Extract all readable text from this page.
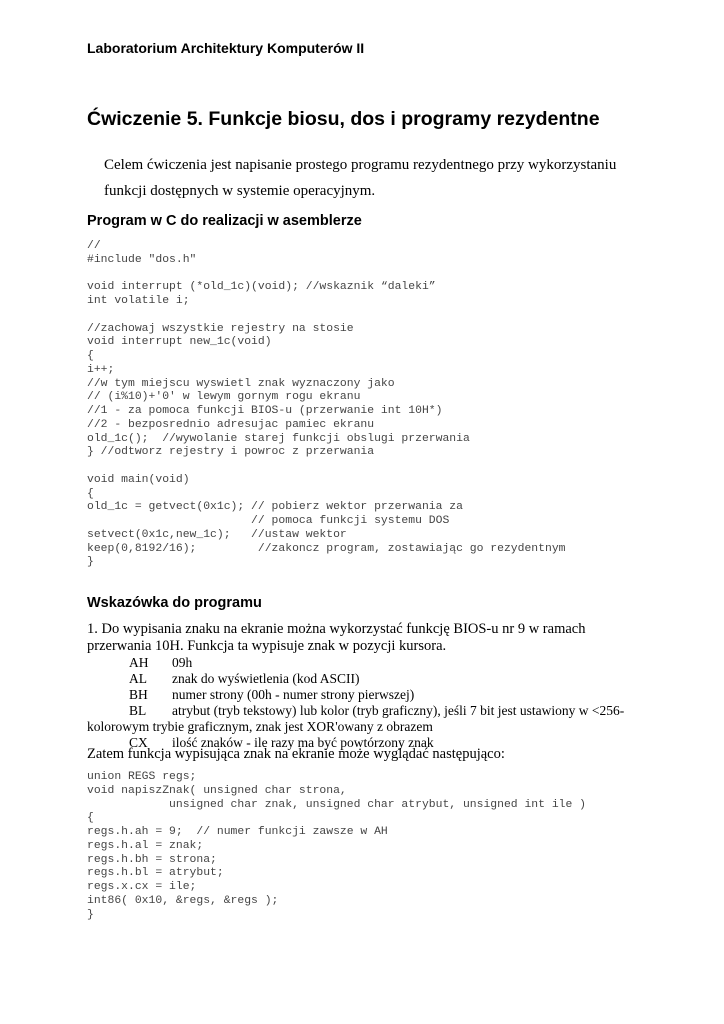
Laboratorium Architektury Komputerów II
Ćwiczenie 5. Funkcje biosu, dos i programy rezydentne
Celem ćwiczenia jest napisanie prostego programu rezydentnego przy wykorzystaniu
funkcji dostępnych w systemie operacyjnym.
Program w C do realizacji w asemblerze
//
#include "dos.h"

void interrupt (*old_1c)(void); //wskaznik “daleki”
int volatile i;

//zachowaj wszystkie rejestry na stosie
void interrupt new_1c(void)
{
i++;
//w tym miejscu wyswietl znak wyznaczony jako
// (i%10)+'0' w lewym gornym rogu ekranu
//1 - za pomoca funkcji BIOS-u (przerwanie int 10H*)
//2 - bezposrednio adresujac pamiec ekranu
old_1c();  //wywolanie starej funkcji obslugi przerwania
} //odtworz rejestry i powroc z przerwania

void main(void)
{
old_1c = getvect(0x1c); // pobierz wektor przerwania za
// pomoca funkcji systemu DOS
setvect(0x1c,new_1c);   //ustaw wektor
keep(0,8192/16);         //zakoncz program, zostawiając go rezydentnym
}
Wskazówka do programu
1. Do wypisania znaku na ekranie można wykorzystać funkcję BIOS-u nr 9 w ramach
przerwania 10H. Funkcja ta wypisuje znak w pozycji kursora.
AH 09h
AL znak do wyświetlenia (kod ASCII)
BH numer strony (00h - numer strony pierwszej)
BL atrybut (tryb tekstowy) lub kolor (tryb graficzny), jeśli 7 bit jest ustawiony w <256-
kolorowym trybie graficznym, znak jest XOR'owany z obrazem
CX ilość znaków - ile razy ma być powtórzony znak
Zatem funkcja wypisująca znak na ekranie może wyglądać następująco:
union REGS regs;
void napiszZnak( unsigned char strona,
unsigned char znak, unsigned char atrybut, unsigned int ile )
{
regs.h.ah = 9;  // numer funkcji zawsze w AH
regs.h.al = znak;
regs.h.bh = strona;
regs.h.bl = atrybut;
regs.x.cx = ile;
int86( 0x10, &regs, &regs );
}
